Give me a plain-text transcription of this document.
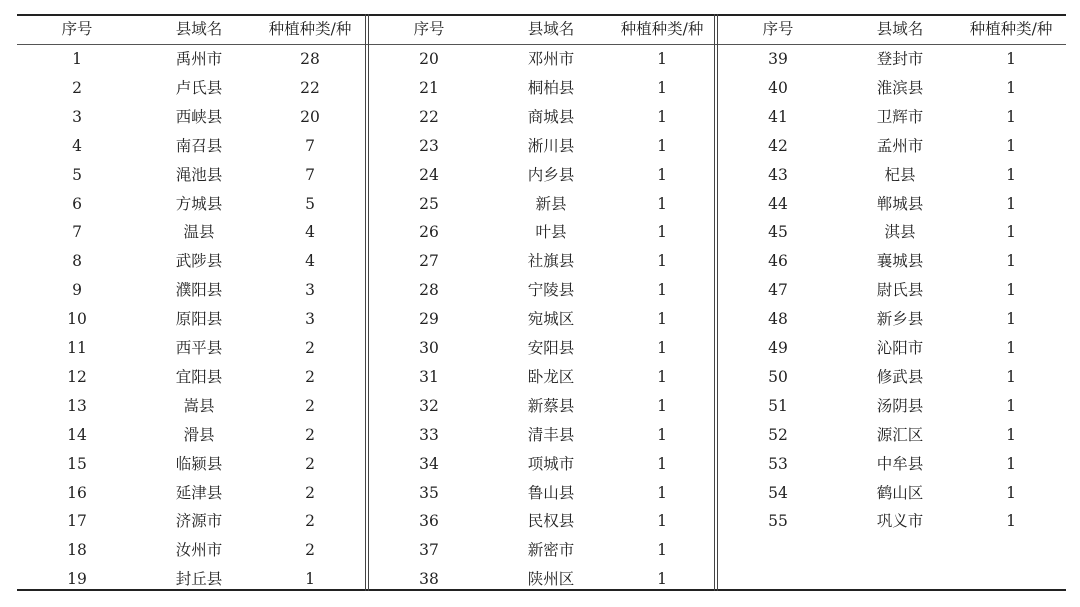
序号	县域名	种植种类/种
1	禹州市	28
2	卢氏县	22
3	西峡县	20
4	南召县	7
5	渑池县	7
6	方城县	5
7	温县	4
8	武陟县	4
9	濮阳县	3
10	原阳县	3
11	西平县	2
12	宜阳县	2
13	嵩县	2
14	滑县	2
15	临颍县	2
16	延津县	2
17	济源市	2
18	汝州市	2
19	封丘县	1
序号	县域名	种植种类/种
20	邓州市	1
21	桐柏县	1
22	商城县	1
23	淅川县	1
24	内乡县	1
25	新县	1
26	叶县	1
27	社旗县	1
28	宁陵县	1
29	宛城区	1
30	安阳县	1
31	卧龙区	1
32	新蔡县	1
33	清丰县	1
34	项城市	1
35	鲁山县	1
36	民权县	1
37	新密市	1
38	陕州区	1
序号	县域名	种植种类/种
39	登封市	1
40	淮滨县	1
41	卫辉市	1
42	孟州市	1
43	杞县	1
44	郸城县	1
45	淇县	1
46	襄城县	1
47	尉氏县	1
48	新乡县	1
49	沁阳市	1
50	修武县	1
51	汤阴县	1
52	源汇区	1
53	中牟县	1
54	鹤山区	1
55	巩义市	1
